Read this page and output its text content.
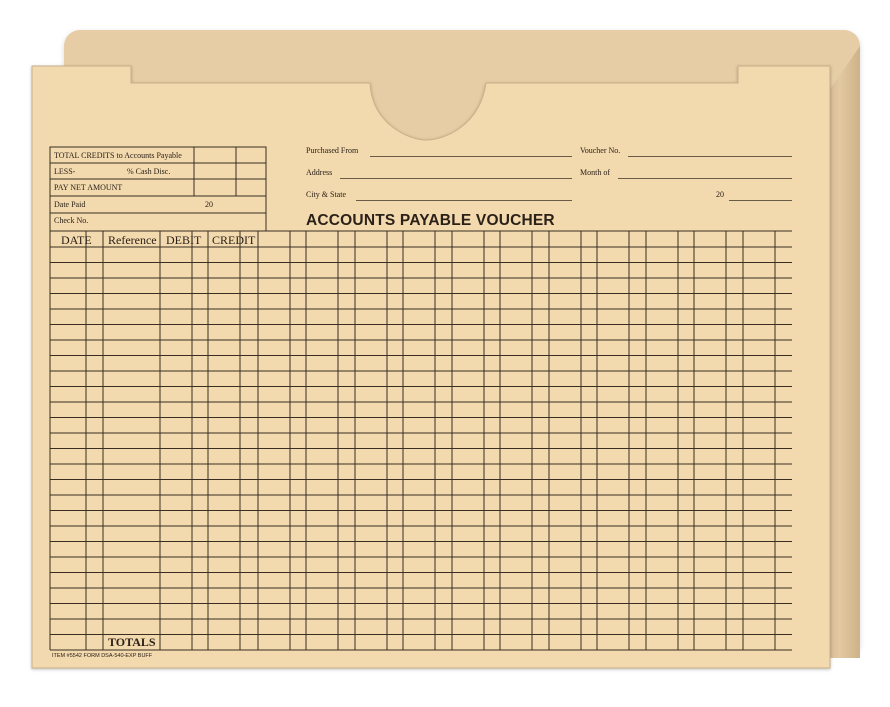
TOTAL CREDITS to Accounts Payable
LESS-	% Cash Disc.
PAY NET AMOUNT
Date Paid	20
Check No.
Purchased From	Voucher No.
Address	Month of
City & State	20
ACCOUNTS PAYABLE VOUCHER
DATE Reference DEBIT CREDIT
TOTALS
ITEM #5542 FORM DSA-540-EXP BUFF
